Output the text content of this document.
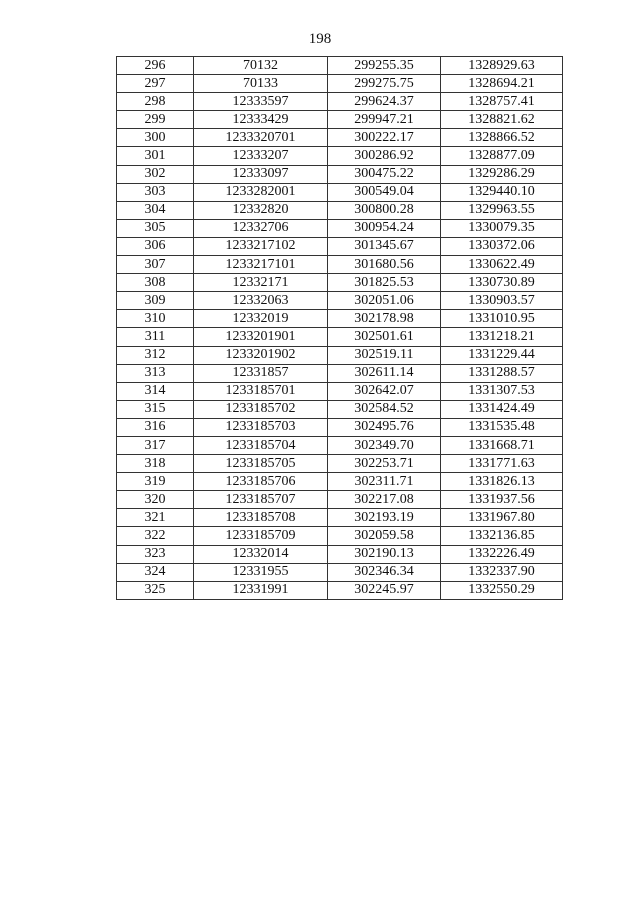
198
296	70132	299255.35	1328929.63
297	70133	299275.75	1328694.21
298	12333597	299624.37	1328757.41
299	12333429	299947.21	1328821.62
300	1233320701	300222.17	1328866.52
301	12333207	300286.92	1328877.09
302	12333097	300475.22	1329286.29
303	1233282001	300549.04	1329440.10
304	12332820	300800.28	1329963.55
305	12332706	300954.24	1330079.35
306	1233217102	301345.67	1330372.06
307	1233217101	301680.56	1330622.49
308	12332171	301825.53	1330730.89
309	12332063	302051.06	1330903.57
310	12332019	302178.98	1331010.95
311	1233201901	302501.61	1331218.21
312	1233201902	302519.11	1331229.44
313	12331857	302611.14	1331288.57
314	1233185701	302642.07	1331307.53
315	1233185702	302584.52	1331424.49
316	1233185703	302495.76	1331535.48
317	1233185704	302349.70	1331668.71
318	1233185705	302253.71	1331771.63
319	1233185706	302311.71	1331826.13
320	1233185707	302217.08	1331937.56
321	1233185708	302193.19	1331967.80
322	1233185709	302059.58	1332136.85
323	12332014	302190.13	1332226.49
324	12331955	302346.34	1332337.90
325	12331991	302245.97	1332550.29
